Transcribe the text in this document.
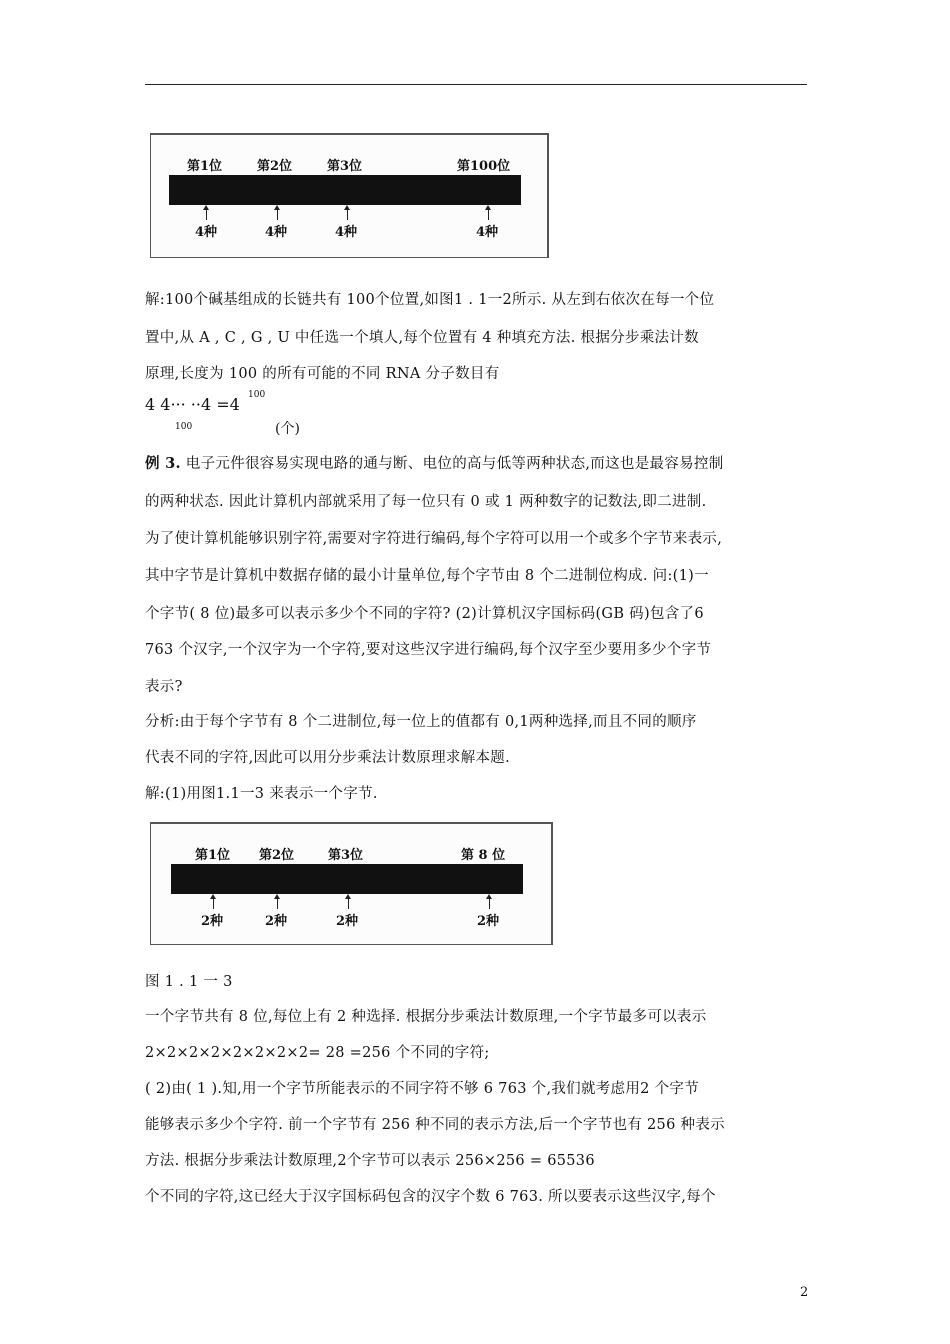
第1位	第2位	第3位	第100位
4种	4种	4种	4种
解:100个碱基组成的长链共有 100个位置,如图1 . 1一2所示. 从左到右依次在每一个位
置中,从 A , C , G , U 中任选一个填人,每个位置有 4 种填充方法. 根据分步乘法计数
原理,长度为 100 的所有可能的不同 RNA 分子数目有
4 4··· ··4 =4 100
100	(个)
例 3. 电子元件很容易实现电路的通与断、电位的高与低等两种状态,而这也是最容易控制
的两种状态. 因此计算机内部就采用了每一位只有 0 或 1 两种数字的记数法,即二进制.
为了使计算机能够识别字符,需要对字符进行编码,每个字符可以用一个或多个字节来表示,
其中字节是计算机中数据存储的最小计量单位,每个字节由 8 个二进制位构成. 问:(1)一
个字节( 8 位)最多可以表示多少个不同的字符? (2)计算机汉字国标码(GB 码)包含了6
763 个汉字,一个汉字为一个字符,要对这些汉字进行编码,每个汉字至少要用多少个字节
表示?
分析:由于每个字节有 8 个二进制位,每一位上的值都有 0,1两种选择,而且不同的顺序
代表不同的字符,因此可以用分步乘法计数原理求解本题.
解:(1)用图1.1一3 来表示一个字节.
第1位 第2位	第3位	第 8 位
2种	2种	2种	2种
图 1 . 1 一 3
一个字节共有 8 位,每位上有 2 种选择. 根据分步乘法计数原理,一个字节最多可以表示
2×2×2×2×2×2×2×2= 28 =256 个不同的字符;
( 2)由( 1 ).知,用一个字节所能表示的不同字符不够 6 763 个,我们就考虑用2 个字节
能够表示多少个字符. 前一个字节有 256 种不同的表示方法,后一个字节也有 256 种表示
方法. 根据分步乘法计数原理,2个字节可以表示 256×256 = 65536
个不同的字符,这已经大于汉字国标码包含的汉字个数 6 763. 所以要表示这些汉字,每个
2
